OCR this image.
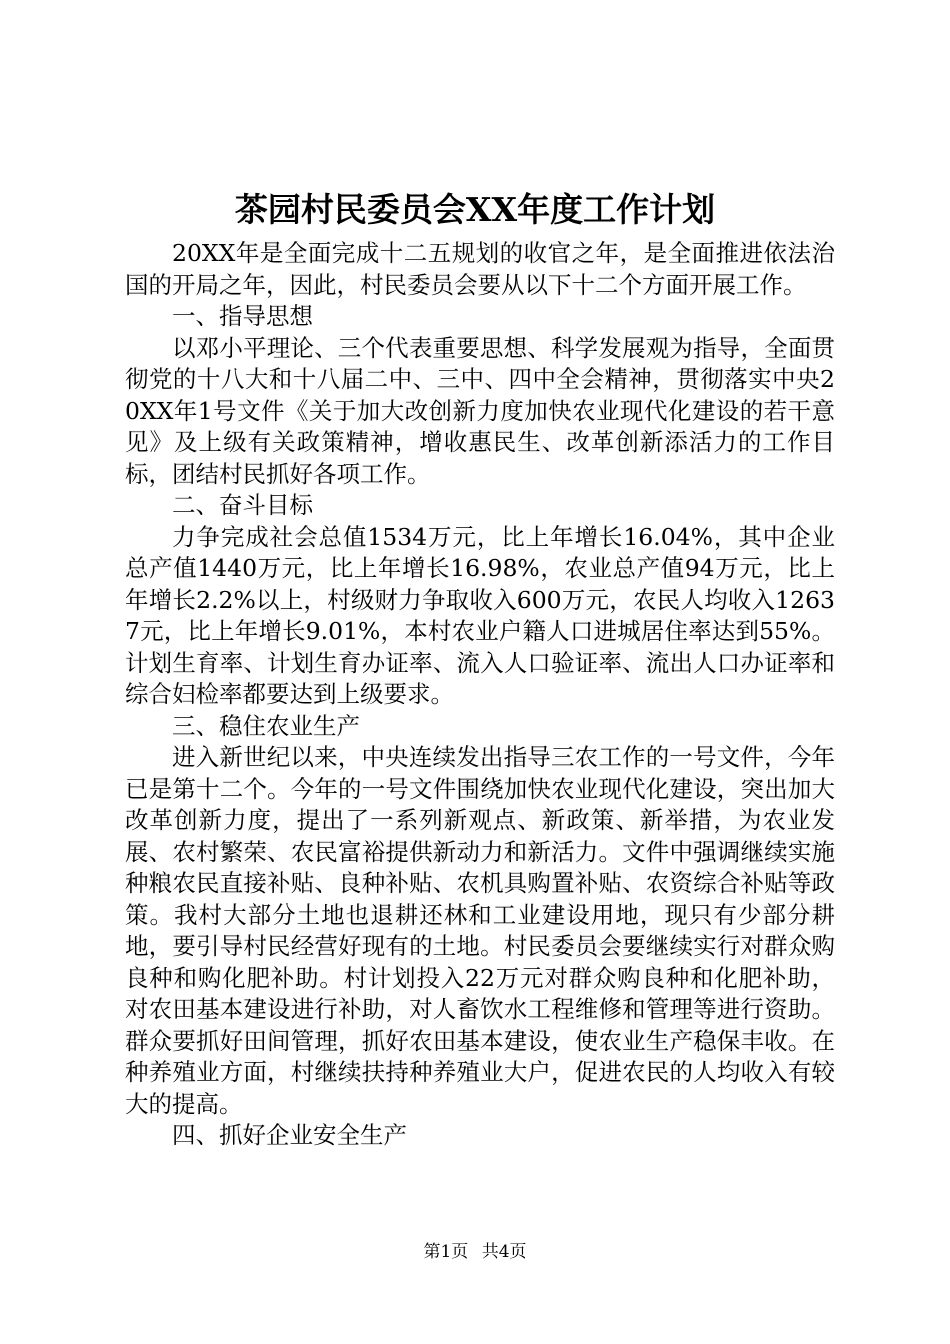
茶园村民委员会XX年度工作计划

20XX年是全面完成十二五规划的收官之年，是全面推进依法治国的开局之年，因此，村民委员会要从以下十二个方面开展工作。

一、指导思想

以邓小平理论、三个代表重要思想、科学发展观为指导，全面贯彻党的十八大和十八届二中、三中、四中全会精神，贯彻落实中央20XX年1号文件《关于加大改创新力度加快农业现代化建设的若干意见》及上级有关政策精神，增收惠民生、改革创新添活力的工作目标，团结村民抓好各项工作。

二、奋斗目标

力争完成社会总值1534万元，比上年增长16.04%，其中企业总产值1440万元，比上年增长16.98%，农业总产值94万元，比上年增长2.2%以上，村级财力争取收入600万元，农民人均收入12637元，比上年增长9.01%，本村农业户籍人口进城居住率达到55%。计划生育率、计划生育办证率、流入人口验证率、流出人口办证率和综合妇检率都要达到上级要求。

三、稳住农业生产

进入新世纪以来，中央连续发出指导三农工作的一号文件，今年已是第十二个。今年的一号文件围绕加快农业现代化建设，突出加大改革创新力度，提出了一系列新观点、新政策、新举措，为农业发展、农村繁荣、农民富裕提供新动力和新活力。文件中强调继续实施种粮农民直接补贴、良种补贴、农机具购置补贴、农资综合补贴等政策。我村大部分土地也退耕还林和工业建设用地，现只有少部分耕地，要引导村民经营好现有的土地。村民委员会要继续实行对群众购良种和购化肥补助。村计划投入22万元对群众购良种和化肥补助，对农田基本建设进行补助，对人畜饮水工程维修和管理等进行资助。群众要抓好田间管理，抓好农田基本建设，使农业生产稳保丰收。在种养殖业方面，村继续扶持种养殖业大户，促进农民的人均收入有较大的提高。

四、抓好企业安全生产

第1页 共4页
